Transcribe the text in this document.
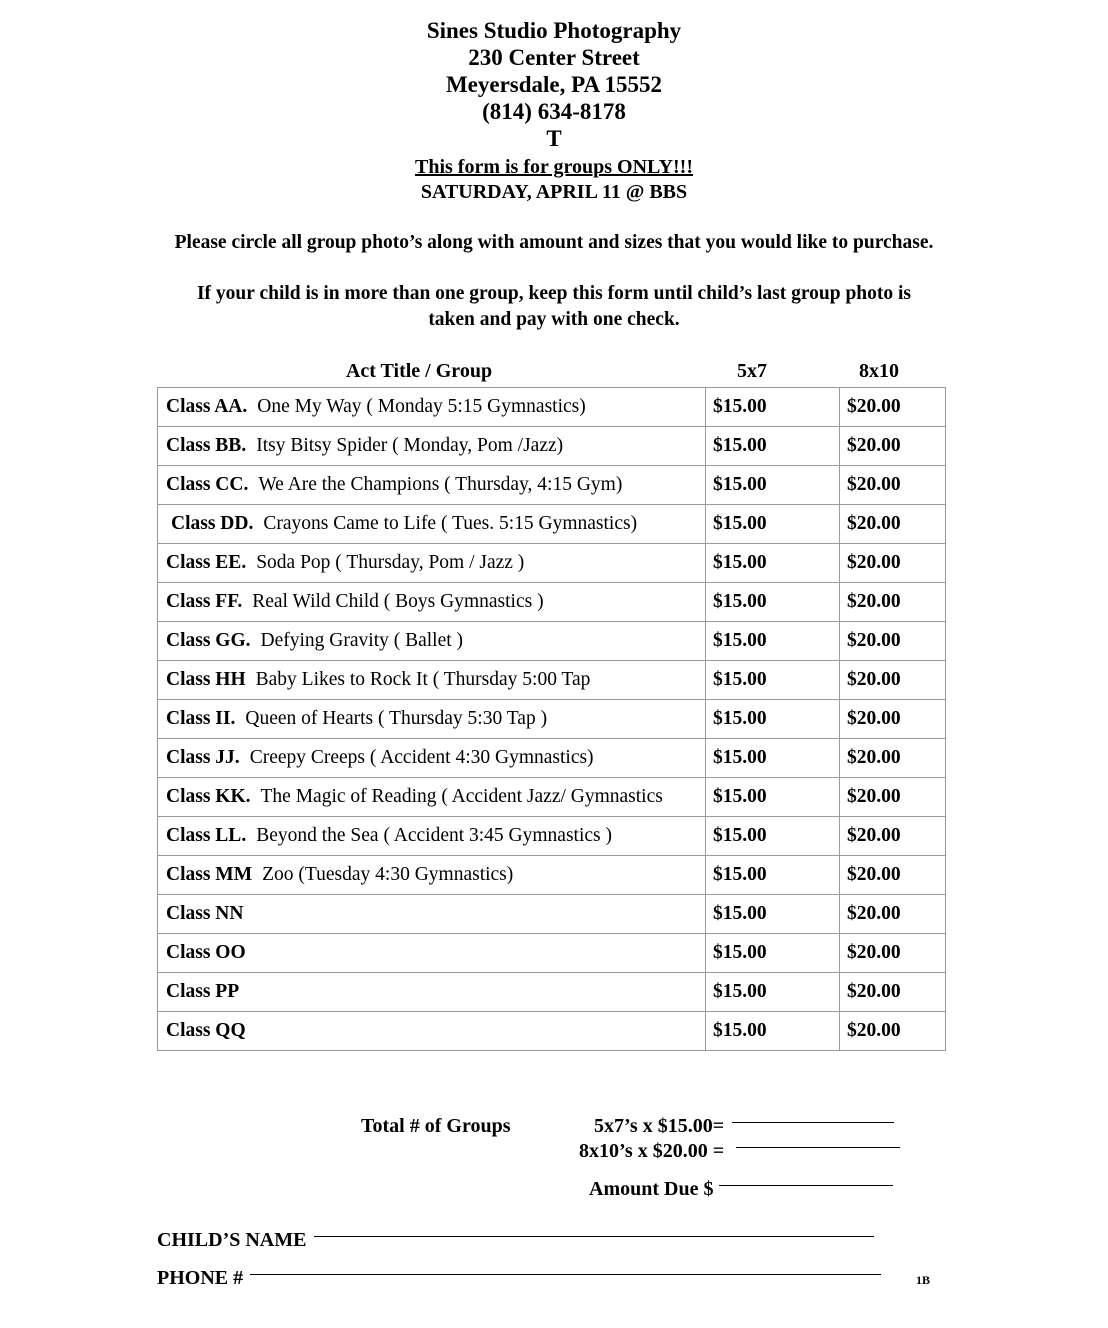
Sines Studio Photography
230 Center Street
Meyersdale, PA 15552
(814) 634-8178
T
This form is for groups ONLY!!!
SATURDAY, APRIL 11 @ BBS
Please circle all group photo’s along with amount and sizes that you would like to purchase.
If your child is in more than one group, keep this form until child’s last group photo is
taken and pay with one check.
Act Title / Group	5x7	8x10
Class AA. One My Way ( Monday 5:15 Gymnastics)	$15.00	$20.00
Class BB. Itsy Bitsy Spider ( Monday, Pom /Jazz)	$15.00	$20.00
Class CC. We Are the Champions ( Thursday, 4:15 Gym)	$15.00	$20.00
Class DD. Crayons Came to Life ( Tues. 5:15 Gymnastics)	$15.00	$20.00
Class EE. Soda Pop ( Thursday, Pom / Jazz )	$15.00	$20.00
Class FF. Real Wild Child ( Boys Gymnastics )	$15.00	$20.00
Class GG. Defying Gravity ( Ballet )	$15.00	$20.00
Class HH Baby Likes to Rock It ( Thursday 5:00 Tap	$15.00	$20.00
Class II. Queen of Hearts ( Thursday 5:30 Tap )	$15.00	$20.00
Class JJ. Creepy Creeps ( Accident 4:30 Gymnastics)	$15.00	$20.00
Class KK. The Magic of Reading ( Accident Jazz/ Gymnastics	$15.00	$20.00
Class LL. Beyond the Sea ( Accident 3:45 Gymnastics )	$15.00	$20.00
Class MM Zoo (Tuesday 4:30 Gymnastics)	$15.00	$20.00
Class NN	$15.00	$20.00
Class OO	$15.00	$20.00
Class PP	$15.00	$20.00
Class QQ	$15.00	$20.00
Total # of Groups	5x7’s x $15.00=
8x10’s x $20.00 =
Amount Due $
CHILD’S NAME
PHONE #	1B
